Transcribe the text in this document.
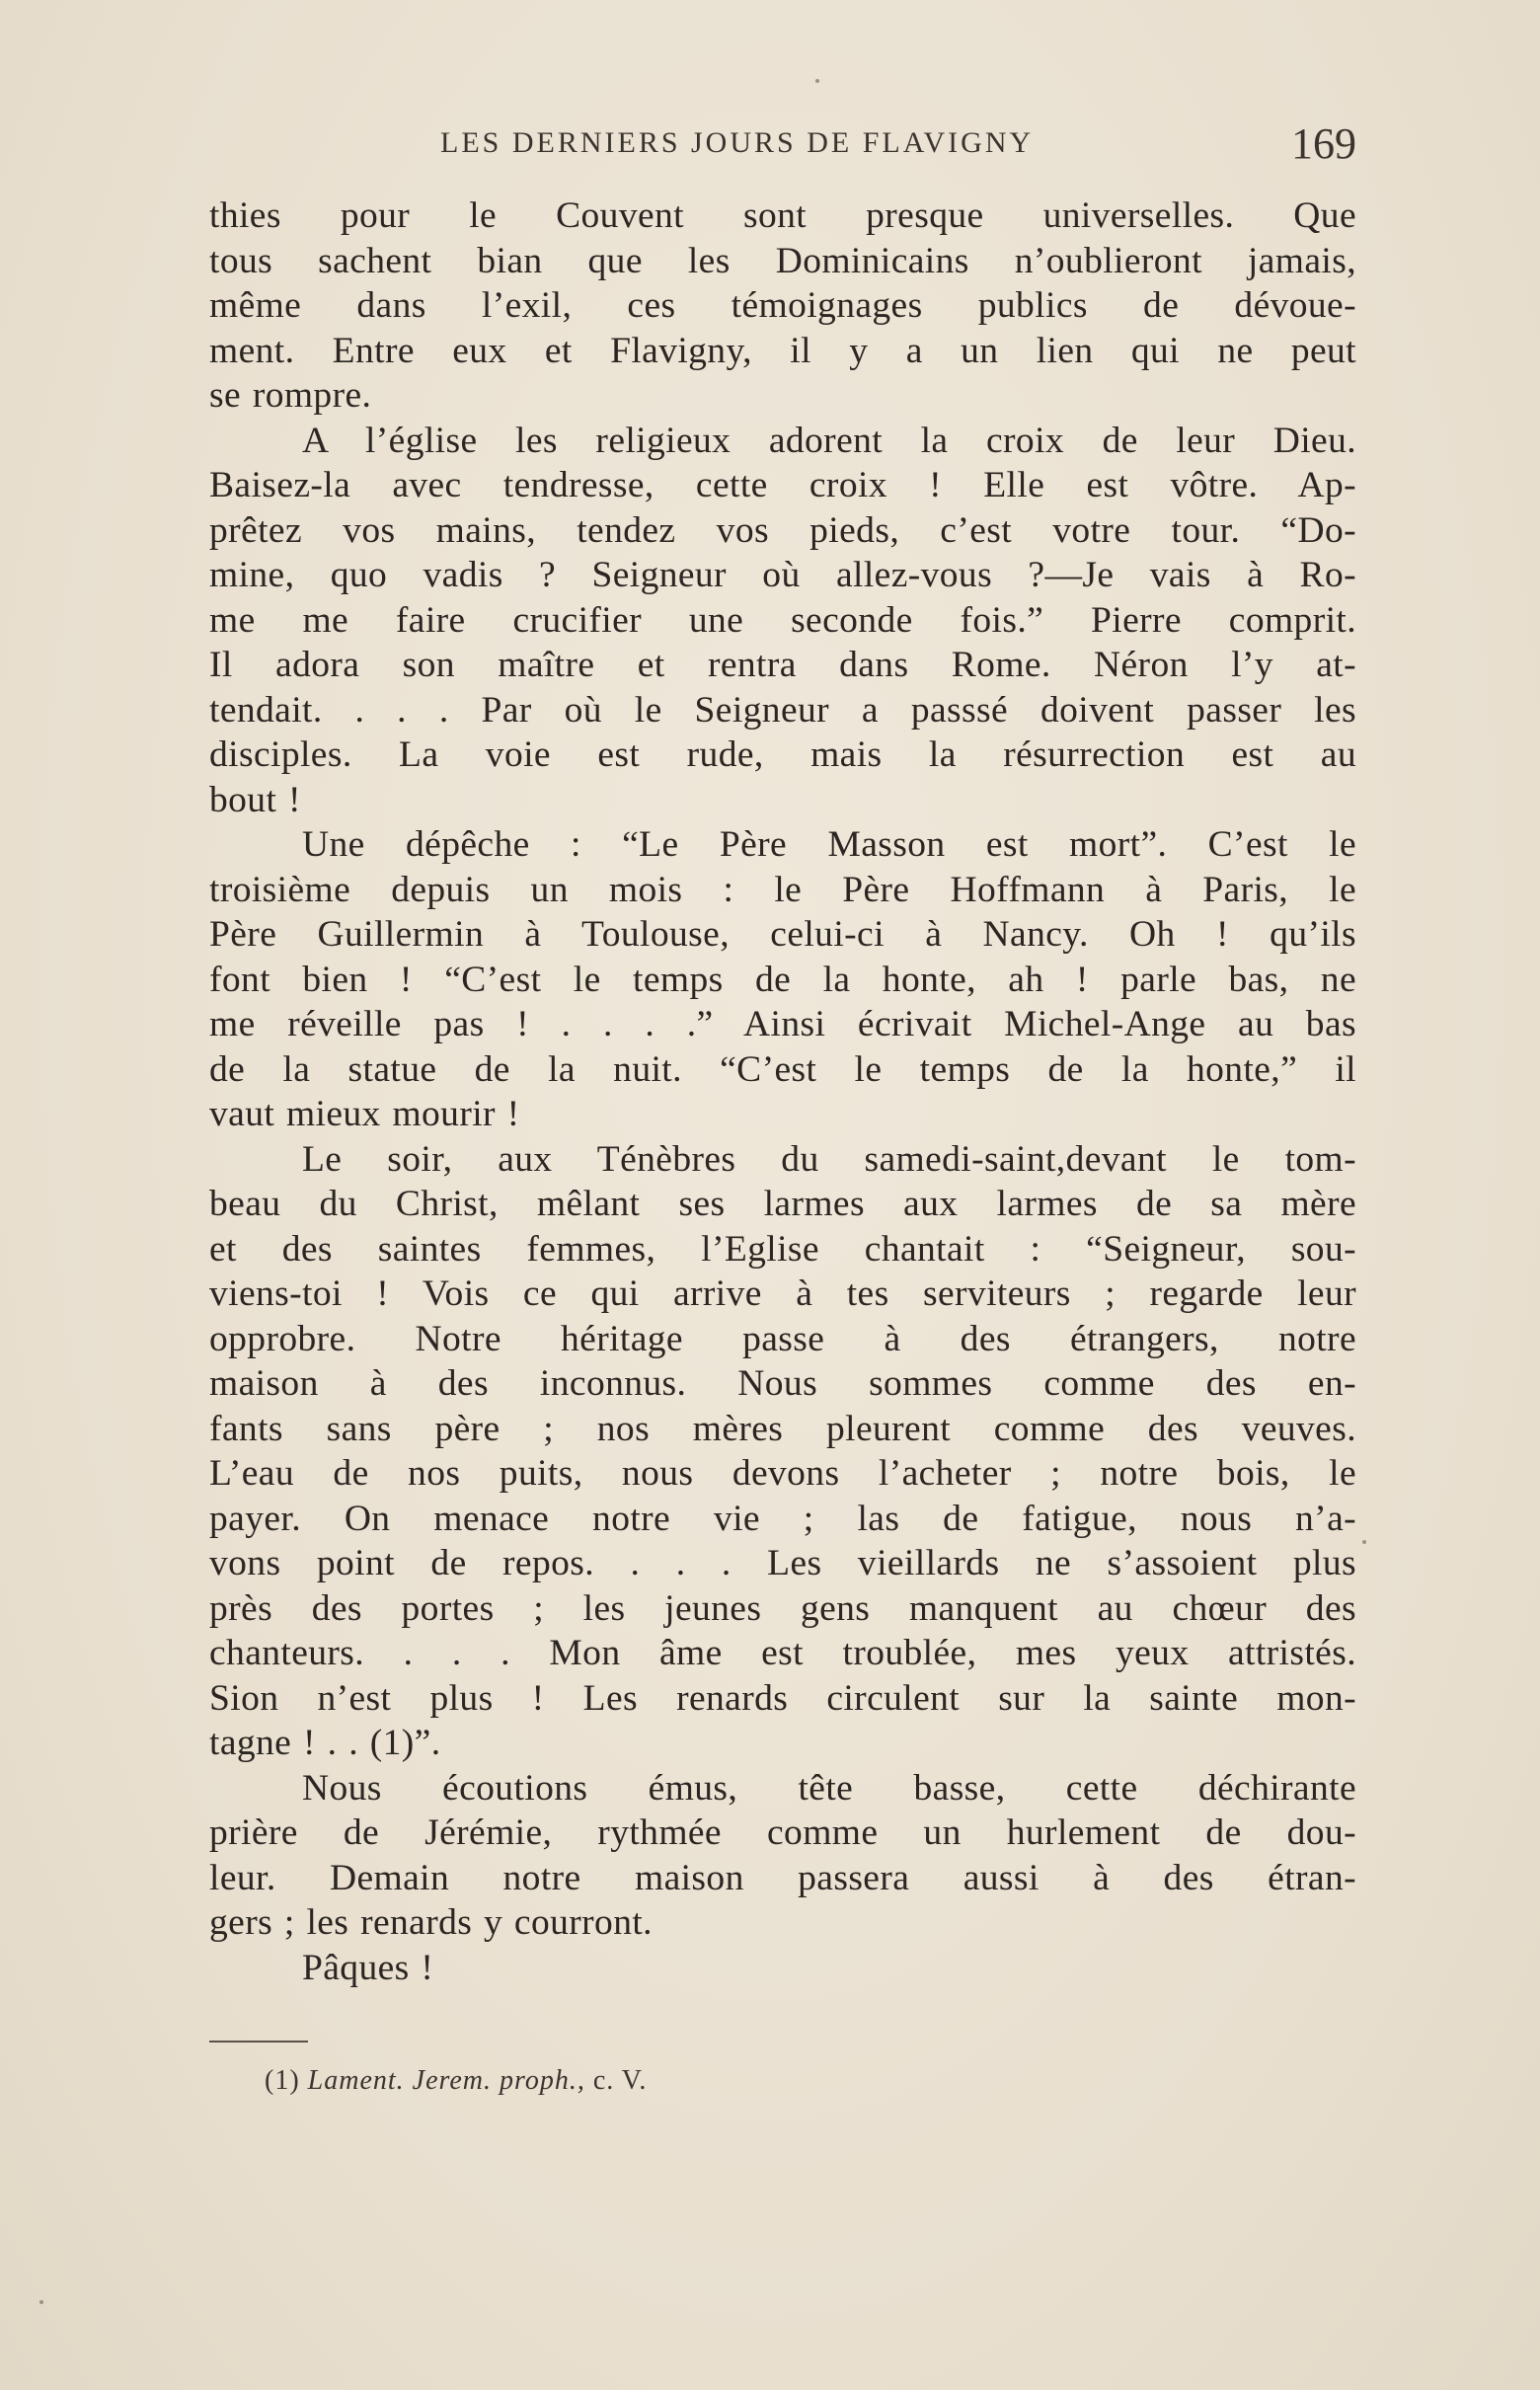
LES DERNIERS JOURS DE FLAVIGNY	169
thies pour le Couvent sont presque universelles. Que
tous sachent bian que les Dominicains n’oublieront jamais,
même dans l’exil, ces témoignages publics de dévoue-
ment. Entre eux et Flavigny, il y a un lien qui ne peut
se rompre.
A l’église les religieux adorent la croix de leur Dieu.
Baisez-la avec tendresse, cette croix ! Elle est vôtre. Ap-
prêtez vos mains, tendez vos pieds, c’est votre tour. “Do-
mine, quo vadis ? Seigneur où allez-vous ?—Je vais à Ro-
me me faire crucifier une seconde fois.” Pierre comprit.
Il adora son maître et rentra dans Rome. Néron l’y at-
tendait. . . . Par où le Seigneur a passsé doivent passer les
disciples. La voie est rude, mais la résurrection est au
bout !
Une dépêche : “Le Père Masson est mort”. C’est le
troisième depuis un mois : le Père Hoffmann à Paris, le
Père Guillermin à Toulouse, celui-ci à Nancy. Oh ! qu’ils
font bien ! “C’est le temps de la honte, ah ! parle bas, ne
me réveille pas ! . . . .” Ainsi écrivait Michel-Ange au bas
de la statue de la nuit. “C’est le temps de la honte,” il
vaut mieux mourir !
Le soir, aux Ténèbres du samedi-saint,devant le tom-
beau du Christ, mêlant ses larmes aux larmes de sa mère
et des saintes femmes, l’Eglise chantait : “Seigneur, sou-
viens-toi ! Vois ce qui arrive à tes serviteurs ; regarde leur
opprobre. Notre héritage passe à des étrangers, notre
maison à des inconnus. Nous sommes comme des en-
fants sans père ; nos mères pleurent comme des veuves.
L’eau de nos puits, nous devons l’acheter ; notre bois, le
payer. On menace notre vie ; las de fatigue, nous n’a-
vons point de repos. . . . Les vieillards ne s’assoient plus
près des portes ; les jeunes gens manquent au chœur des
chanteurs. . . . Mon âme est troublée, mes yeux attristés.
Sion n’est plus ! Les renards circulent sur la sainte mon-
tagne ! . . (1)”.
Nous écoutions émus, tête basse, cette déchirante
prière de Jérémie, rythmée comme un hurlement de dou-
leur. Demain notre maison passera aussi à des étran-
gers ; les renards y courront.
Pâques !
(1) Lament. Jerem. proph., c. V.
